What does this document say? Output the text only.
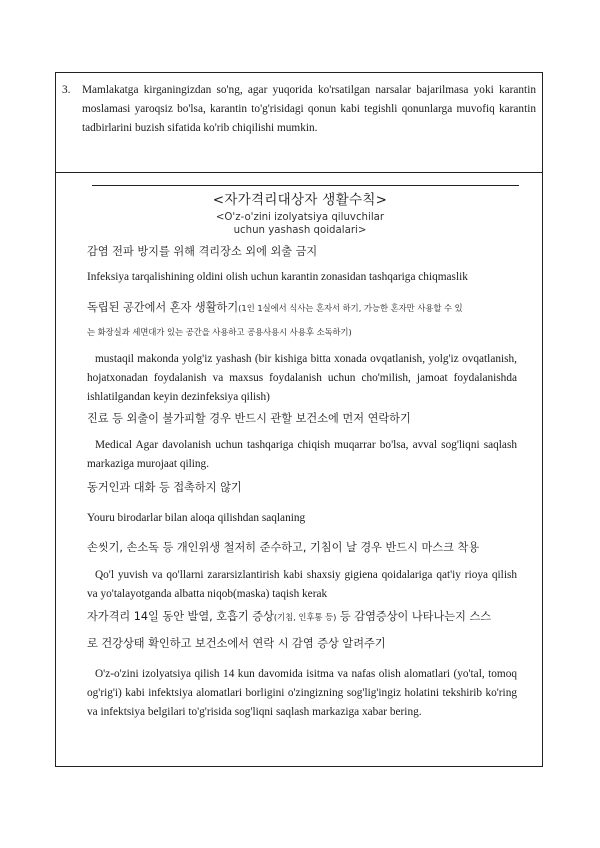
3.	Mamlakatga kirganingizdan so'ng, agar yuqorida ko'rsatilgan narsalar bajarilmasa yoki karantin moslamasi yaroqsiz bo'lsa, karantin to'g'risidagi qonun kabi tegishli qonunlarga muvofiq karantin tadbirlarini buzish sifatida ko'rib chiqilishi mumkin.
<자가격리대상자 생활수칙>
<O'z-o'zini izolyatsiya qiluvchilar
uchun yashash qoidalari>
감염 전파 방지를 위해 격리장소 외에 외출 금지
Infeksiya tarqalishining oldini olish uchun karantin zonasidan tashqariga chiqmaslik
독립된 공간에서 혼자 생활하기(1인 1실에서 식사는 혼자서 하기, 가능한 혼자만 사용할 수 있
는 화장실과 세면대가 있는 공간을 사용하고 공용사용시 사용후 소독하기)
mustaqil makonda yolg'iz yashash (bir kishiga bitta xonada ovqatlanish, yolg'iz ovqatlanish, hojatxonadan foydalanish va maxsus foydalanish uchun cho'milish, jamoat foydalanishda ishlatilgandan keyin dezinfeksiya qilish)
진료 등 외출이 불가피할 경우 반드시 관할 보건소에 먼저 연락하기
Medical Agar davolanish uchun tashqariga chiqish muqarrar bo'lsa, avval sog'liqni saqlash markaziga murojaat qiling.
동거인과 대화 등 접촉하지 않기
Youru birodarlar bilan aloqa qilishdan saqlaning
손씻기, 손소독 등 개인위생 철저히 준수하고, 기침이 날 경우 반드시 마스크 착용
Qo'l yuvish va qo'llarni zararsizlantirish kabi shaxsiy gigiena qoidalariga qat'iy rioya qilish va yo'talayotganda albatta niqob(maska) taqish kerak
자가격리 14일 동안 발열, 호흡기 증상(기침, 인후통 등) 등 감염증상이 나타나는지 스스
로 건강상태 확인하고 보건소에서 연락 시 감염 증상 알려주기
O'z-o'zini izolyatsiya qilish 14 kun davomida isitma va nafas olish alomatlari (yo'tal, tomoq og'rig'i) kabi infektsiya alomatlari borligini o'zingizning sog'lig'ingiz holatini tekshirib ko'ring va infektsiya belgilari to'g'risida sog'liqni saqlash markaziga xabar bering.
